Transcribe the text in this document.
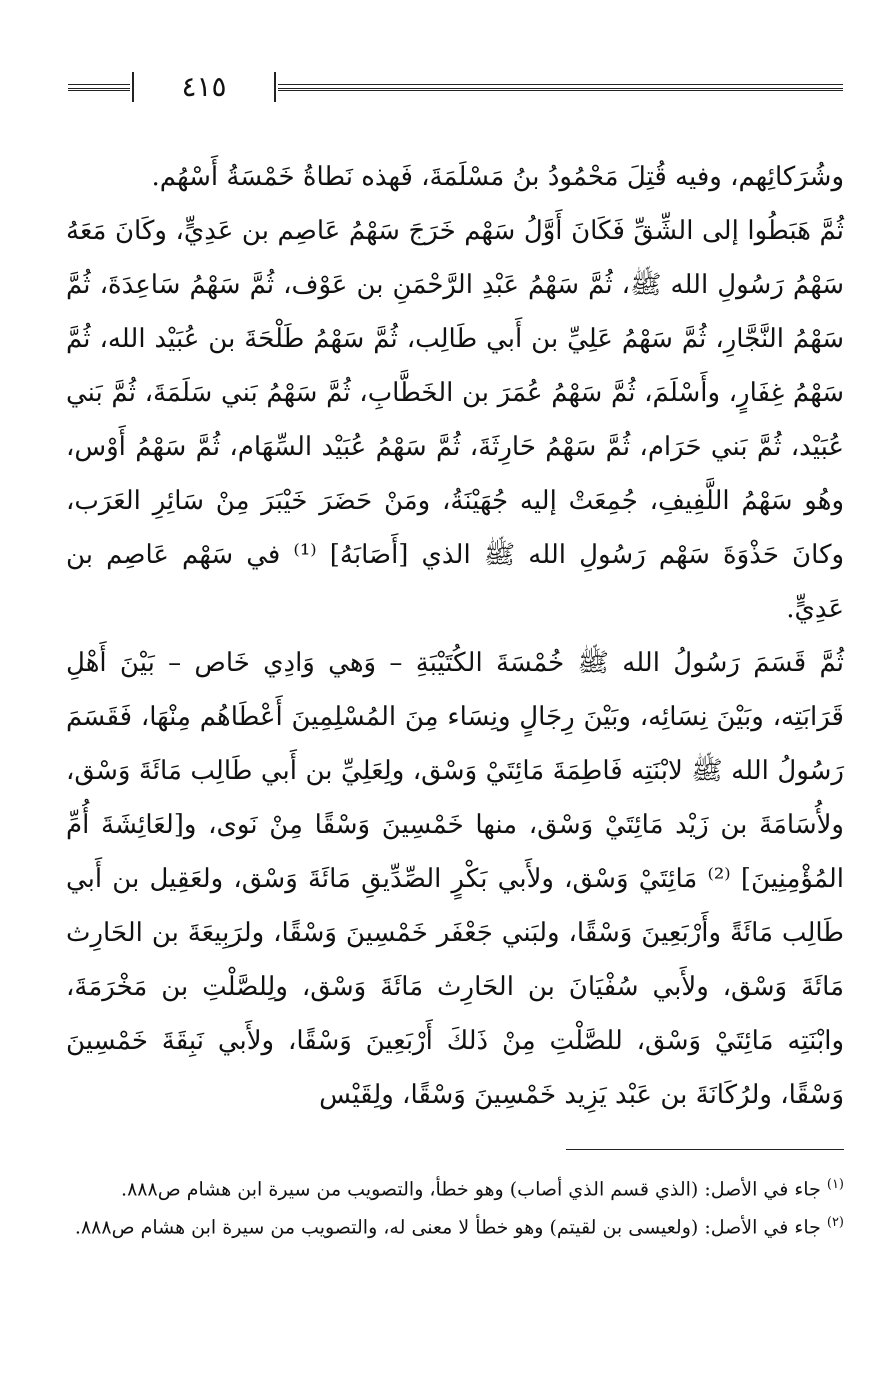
٤١٥

وشُرَكائِهم، وفيه قُتِلَ مَحْمُودُ بنُ مَسْلَمَةَ، فَهذه نَطاةُ خَمْسَةُ أَسْهُم.

ثُمَّ هَبَطُوا إلى الشِّقِّ فَكَانَ أَوَّلُ سَهْم خَرَجَ سَهْمُ عَاصِم بن عَدِيٍّ، وكَانَ مَعَهُ سَهْمُ رَسُولِ الله ﷺ، ثُمَّ سَهْمُ عَبْدِ الرَّحْمَنِ بن عَوْف، ثُمَّ سَهْمُ سَاعِدَةَ، ثُمَّ سَهْمُ النَّجَّارِ، ثُمَّ سَهْمُ عَلِيِّ بن أَبي طَالِب، ثُمَّ سَهْمُ طَلْحَةَ بن عُبَيْد الله، ثُمَّ سَهْمُ غِفَارٍ، وأَسْلَمَ، ثُمَّ سَهْمُ عُمَرَ بن الخَطَّابِ، ثُمَّ سَهْمُ بَني سَلَمَةَ، ثُمَّ بَني عُبَيْد، ثُمَّ بَني حَرَام، ثُمَّ سَهْمُ حَارِثَةَ، ثُمَّ سَهْمُ عُبَيْد السِّهَام، ثُمَّ سَهْمُ أَوْس، وهُو سَهْمُ اللَّفِيفِ، جُمِعَتْ إليه جُهَيْنَةُ، ومَنْ حَضَرَ خَيْبَرَ مِنْ سَائِرِ العَرَب، وكانَ حَذْوَةَ سَهْم رَسُولِ الله ﷺ الذي [أَصَابَهُ] ⁽¹⁾ في سَهْم عَاصِم بن عَدِيٍّ.

ثُمَّ قَسَمَ رَسُولُ الله ﷺ خُمْسَةَ الكُتَيْبَةِ – وَهي وَادِي خَاص – بَيْنَ أَهْلِ قَرَابَتِه، وبَيْنَ نِسَائِه، وبَيْنَ رِجَالٍ ونِسَاء مِنَ المُسْلِمِينَ أَعْطَاهُم مِنْهَا، فَقَسَمَ رَسُولُ الله ﷺ لابْنَتِه فَاطِمَةَ مَائِتَيْ وَسْق، ولِعَلِيِّ بن أَبي طَالِب مَائَةَ وَسْق، ولأُسَامَةَ بن زَيْد مَائِتَيْ وَسْق، منها خَمْسِينَ وَسْقًا مِنْ نَوى، و[لعَائِشَةَ أُمِّ المُؤْمِنِينَ] ⁽²⁾ مَائِتَيْ وَسْق، ولأَبي بَكْرٍ الصِّدِّيقِ مَائَةَ وَسْق، ولعَقِيل بن أَبي طَالِب مَائَةً وأَرْبَعِينَ وَسْقًا، ولبَني جَعْفَر خَمْسِينَ وَسْقًا، ولرَبِيعَةَ بن الحَارِث مَائَةَ وَسْق، ولأَبي سُفْيَانَ بن الحَارِث مَائَةَ وَسْق، ولِلصَّلْتِ بن مَخْرَمَةَ، وابْنَتِه مَائِتَيْ وَسْق، للصَّلْتِ مِنْ ذَلكَ أَرْبَعِينَ وَسْقًا، ولأَبي نَبِقَةَ خَمْسِينَ وَسْقًا، ولرُكَانَةَ بن عَبْد يَزِيد خَمْسِينَ وَسْقًا، ولِقَيْس

$^{(١)}$جاء في الأصل: (الذي قسم الذي أصاب) وهو خطأ، والتصويب من سيرة ابن هشام ص٨٨٨.

$^{(٢)}$جاء في الأصل: (ولعيسى بن لقيتم) وهو خطأ لا معنى له، والتصويب من سيرة ابن هشام ص٨٨٨.
